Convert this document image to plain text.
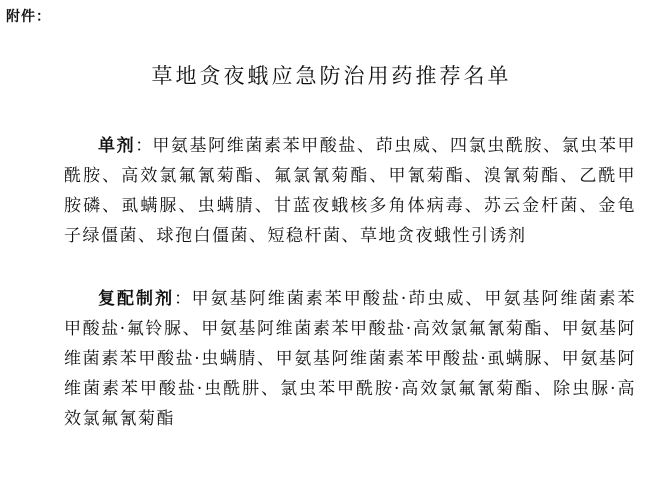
附件：
草地贪夜蛾应急防治用药推荐名单

单剂：甲氨基阿维菌素苯甲酸盐、茚虫威、四氯虫酰胺、氯虫苯甲酰胺、高效氯氟氰菊酯、氟氯氰菊酯、甲氰菊酯、溴氰菊酯、乙酰甲胺磷、虱螨脲、虫螨腈、甘蓝夜蛾核多角体病毒、苏云金杆菌、金龟子绿僵菌、球孢白僵菌、短稳杆菌、草地贪夜蛾性引诱剂

复配制剂：甲氨基阿维菌素苯甲酸盐·茚虫威、甲氨基阿维菌素苯甲酸盐·氟铃脲、甲氨基阿维菌素苯甲酸盐·高效氯氟氰菊酯、甲氨基阿维菌素苯甲酸盐·虫螨腈、甲氨基阿维菌素苯甲酸盐·虱螨脲、甲氨基阿维菌素苯甲酸盐·虫酰肼、氯虫苯甲酰胺·高效氯氟氰菊酯、除虫脲·高效氯氟氰菊酯
